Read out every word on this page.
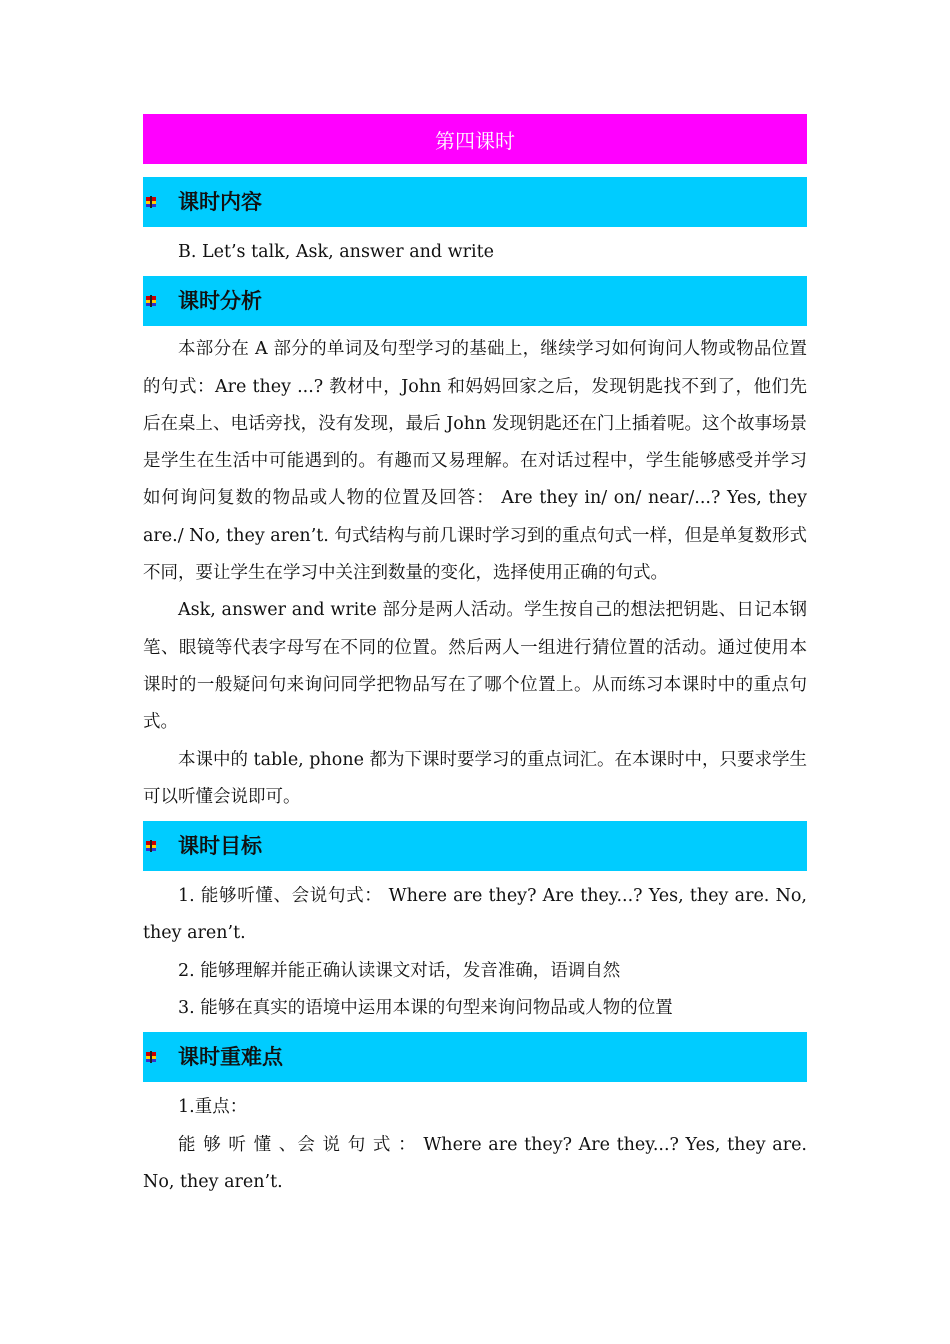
第四课时
课时内容

B. Let’s talk, Ask, answer and write

课时分析

本部分在 A 部分的单词及句型学习的基础上，继续学习如何询问人物或物品位置的句式：Are they ...? 教材中，John 和妈妈回家之后，发现钥匙找不到了，他们先后在桌上、电话旁找，没有发现，最后 John 发现钥匙还在门上插着呢。这个故事场景是学生在生活中可能遇到的。有趣而又易理解。在对话过程中，学生能够感受并学习如何询问复数的物品或人物的位置及回答： Are they in/ on/ near/...? Yes, they are./ No, they aren’t. 句式结构与前几课时学习到的重点句式一样，但是单复数形式不同，要让学生在学习中关注到数量的变化，选择使用正确的句式。

Ask, answer and write 部分是两人活动。学生按自己的想法把钥匙、日记本钢笔、眼镜等代表字母写在不同的位置。然后两人一组进行猜位置的活动。通过使用本课时的一般疑问句来询问同学把物品写在了哪个位置上。从而练习本课时中的重点句式。

本课中的 table, phone 都为下课时要学习的重点词汇。在本课时中，只要求学生可以听懂会说即可。

课时目标

1. 能够听懂、会说句式： Where are they? Are they...? Yes, they are. No, they aren’t.

2. 能够理解并能正确认读课文对话，发音准确，语调自然

3. 能够在真实的语境中运用本课的句型来询问物品或人物的位置

课时重难点

1.重点：

能 够 听 懂 、会 说 句 式 ： Where are they? Are they...? Yes, they are. No, they aren’t.
